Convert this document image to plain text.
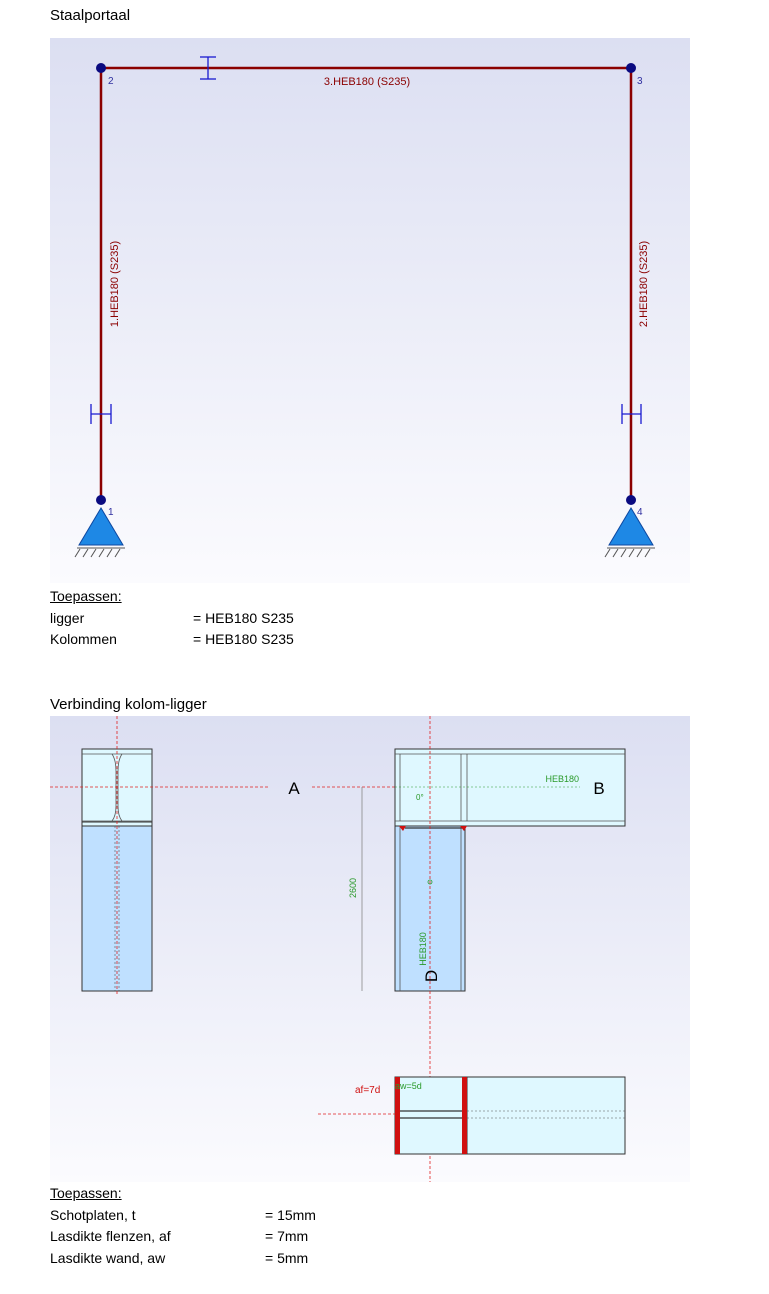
Staalportaal
3.HEB180 (S235)
1.HEB180 (S235)	2.HEB180 (S235)
2	3
1	4
Toepassen:
ligger	= HEB180 S235
Kolommen	= HEB180 S235
Verbinding kolom-ligger
A
2600
HEB180 B
0°
HEB180
D
af=7d aw=5d
Toepassen:
Schotplaten, t	= 15mm
Lasdikte flenzen, af	= 7mm
Lasdikte wand, aw	= 5mm
